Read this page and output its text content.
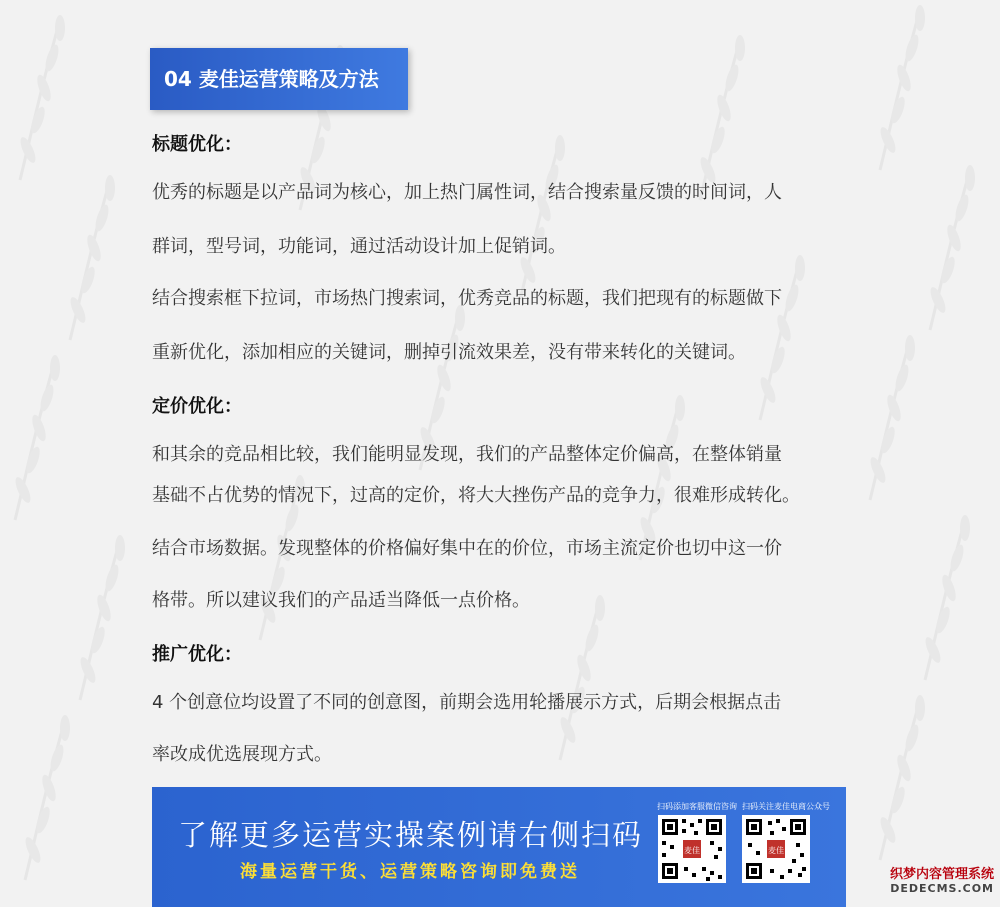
04 麦佳运营策略及方法
标题优化：
优秀的标题是以产品词为核心，加上热门属性词，结合搜索量反馈的时间词，人
群词，型号词，功能词，通过活动设计加上促销词。
结合搜索框下拉词，市场热门搜索词，优秀竞品的标题，我们把现有的标题做下
重新优化，添加相应的关键词，删掉引流效果差，没有带来转化的关键词。
定价优化：
和其余的竞品相比较，我们能明显发现，我们的产品整体定价偏高，在整体销量
基础不占优势的情况下，过高的定价，将大大挫伤产品的竞争力，很难形成转化。
结合市场数据。发现整体的价格偏好集中在的价位，市场主流定价也切中这一价
格带。所以建议我们的产品适当降低一点价格。
推广优化：
4 个创意位均设置了不同的创意图，前期会选用轮播展示方式，后期会根据点击
率改成优选展现方式。
了解更多运营实操案例请右侧扫码
海量运营干货、运营策略咨询即免费送
扫码添加客服微信咨询
麦佳
扫码关注麦佳电商公众号
麦佳
织梦内容管理系统
DEDECMS.COM
